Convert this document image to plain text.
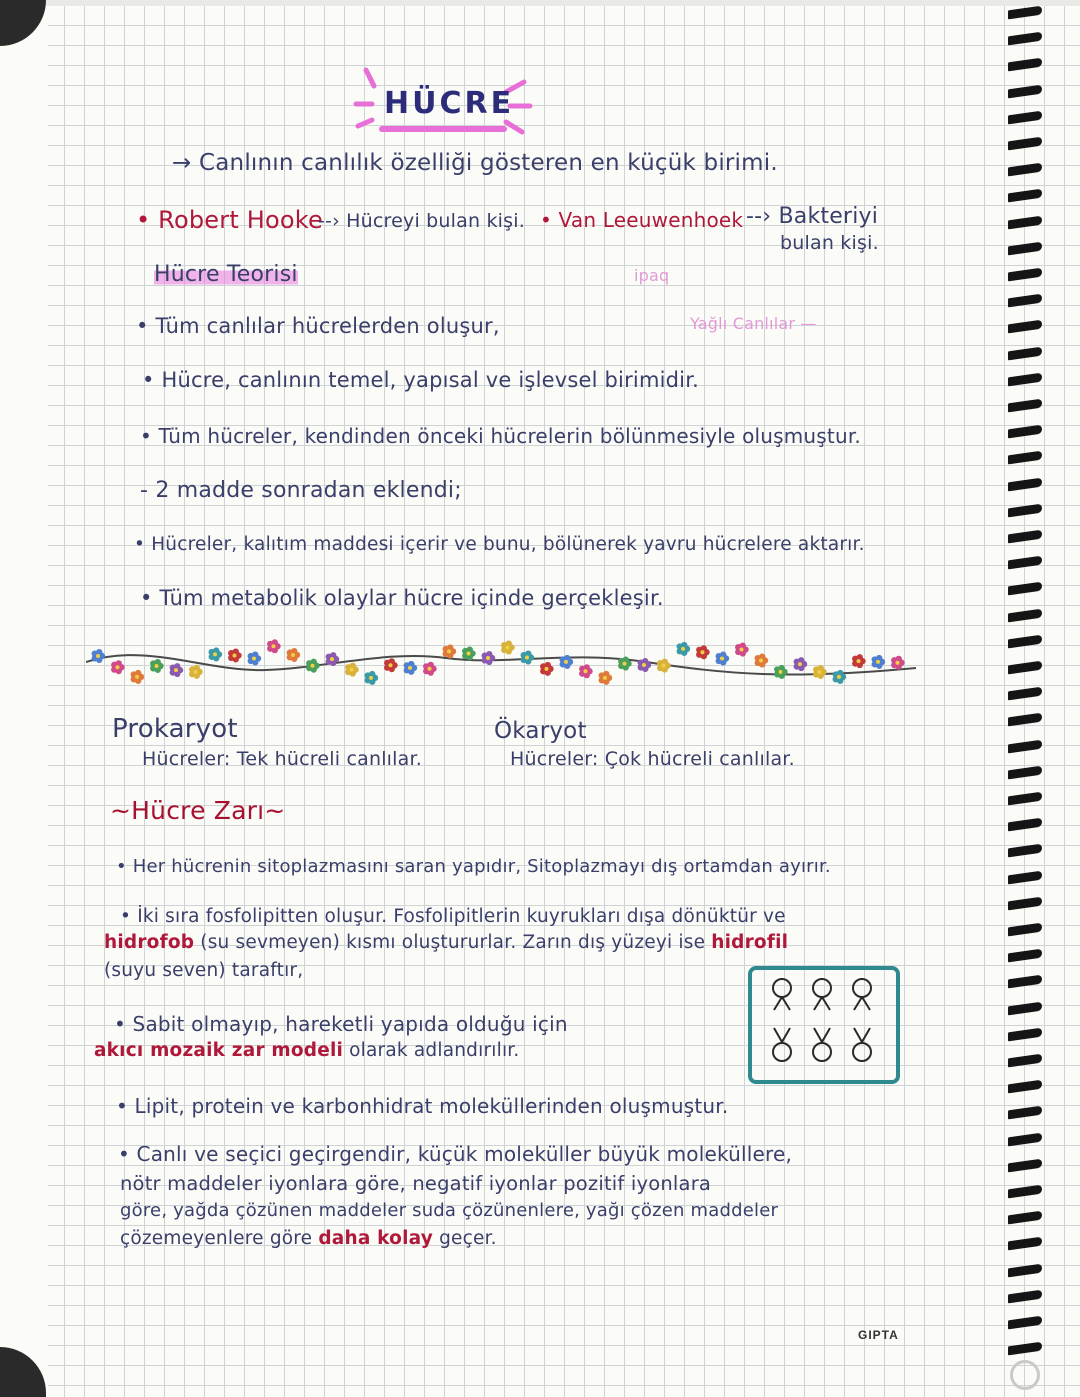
HÜCRE
→ Canlının canlılık özelliği gösteren en küçük birimi.
• Robert Hooke
--› Hücreyi bulan kişi. • Van Leeuwenhoek --› Bakteriyi
bulan kişi.
Hücre Teorisi	ipaq
Yağlı Canlılar —
• Tüm canlılar hücrelerden oluşur,
• Hücre, canlının temel, yapısal ve işlevsel birimidir.
• Tüm hücreler, kendinden önceki hücrelerin bölünmesiyle oluşmuştur.
- 2 madde sonradan eklendi;
• Hücreler, kalıtım maddesi içerir ve bunu, bölünerek yavru hücrelere aktarır.
• Tüm metabolik olaylar hücre içinde gerçekleşir.
Prokaryot
Hücreler: Tek hücreli canlılar.
Ökaryot
Hücreler: Çok hücreli canlılar.
~Hücre Zarı~
• Her hücrenin sitoplazmasını saran yapıdır, Sitoplazmayı dış ortamdan ayırır.
• İki sıra fosfolipitten oluşur. Fosfolipitlerin kuyrukları dışa dönüktür ve
hidrofob (su sevmeyen) kısmı oluştururlar. Zarın dış yüzeyi ise hidrofil
(suyu seven) taraftır,
• Sabit olmayıp, hareketli yapıda olduğu için
akıcı mozaik zar modeli olarak adlandırılır.
• Lipit, protein ve karbonhidrat moleküllerinden oluşmuştur.
• Canlı ve seçici geçirgendir, küçük moleküller büyük moleküllere,
nötr maddeler iyonlara göre, negatif iyonlar pozitif iyonlara
göre, yağda çözünen maddeler suda çözünenlere, yağı çözen maddeler
çözemeyenlere göre daha kolay geçer.
GIPTA
